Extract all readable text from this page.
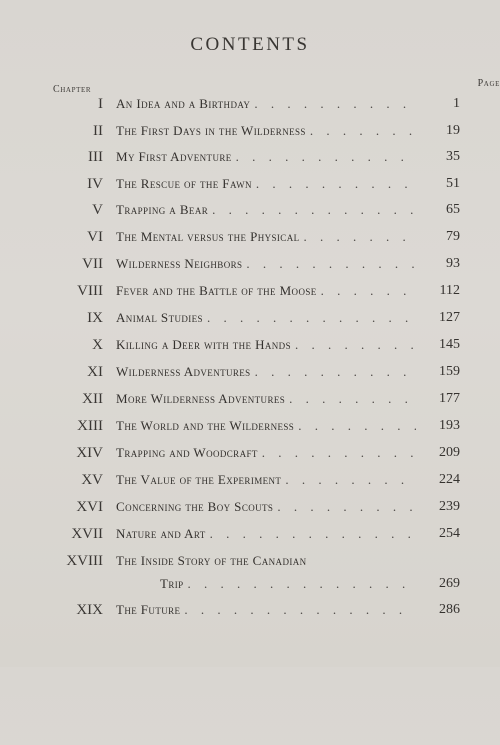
CONTENTS
Chapter
Page
I An Idea and a Birthday . . .	1
II The First Days in the Wilderness . . .	19
III My First Adventure . . .	35
IV The Rescue of the Fawn . . .	51
V Trapping a Bear . . .	65
VI The Mental versus the Physical . . .	79
VII Wilderness Neighbors . . .	93
VIII Fever and the Battle of the Moose . . .	112
IX Animal Studies . . .	127
X Killing a Deer with the Hands . . .	145
XI Wilderness Adventures . . .	159
XII More Wilderness Adventures . . .	177
XIII The World and the Wilderness . . .	193
XIV Trapping and Woodcraft . . .	209
XV The Value of the Experiment . . .	224
XVI Concerning the Boy Scouts . . .	239
XVII Nature and Art . . .	254
XVIII The Inside Story of the Canadian
Trip . . .	269
XIX The Future . . .	286
